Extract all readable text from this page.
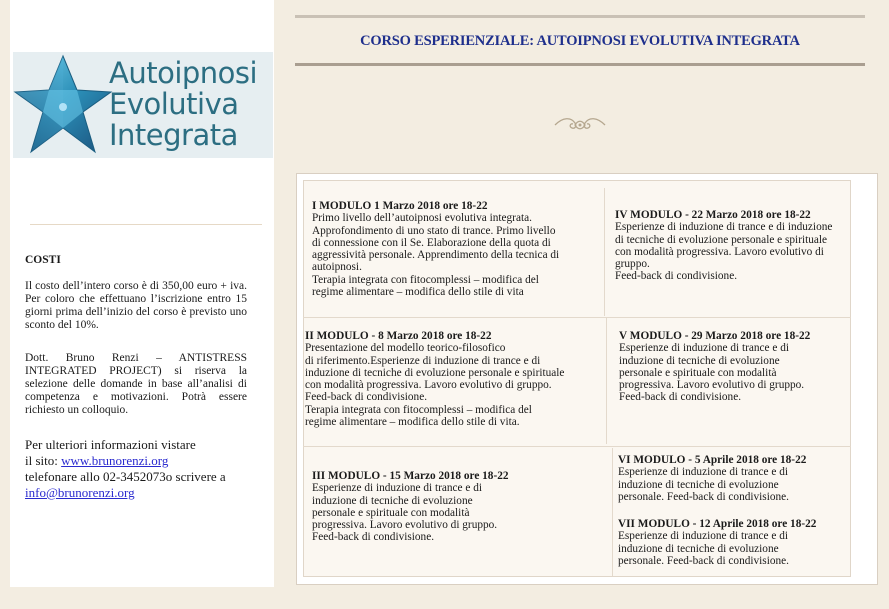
Autoipnosi
Evolutiva
Integrata
COSTI

Il costo dell’intero corso è di 350,00 euro + iva. Per coloro che effettuano l’iscrizione entro 15 giorni prima dell’inizio del corso è previsto uno sconto del 10%.

Dott. Bruno Renzi – ANTISTRESS INTEGRATED PROJECT) si riserva la selezione delle domande in base all’analisi di competenza e motivazioni. Potrà essere richiesto un colloquio.

Per ulteriori informazioni vistare
il sito: www.brunorenzi.org
telefonare allo 02-3452073o scrivere a
info@brunorenzi.org
CORSO ESPERIENZIALE: AUTOIPNOSI EVOLUTIVA INTEGRATA
I MODULO 1 Marzo 2018 ore 18-22

Primo livello dell’autoipnosi evolutiva integrata.

Approfondimento di uno stato di trance. Primo livello

di connessione con il Se. Elaborazione della quota di

aggressività personale. Apprendimento della tecnica di

autoipnosi.

Terapia integrata con fitocomplessi – modifica del

regime alimentare – modifica dello stile di vita

IV MODULO - 22 Marzo 2018 ore 18-22

Esperienze di induzione di trance e di induzione

di tecniche di evoluzione personale e spirituale

con modalità progressiva. Lavoro evolutivo di

gruppo.

Feed-back di condivisione.

II MODULO - 8 Marzo 2018 ore 18-22

Presentazione del modello teorico-filosofico

di riferimento.Esperienze di induzione di trance e di

induzione di tecniche di evoluzione personale e spirituale

con modalità progressiva. Lavoro evolutivo di gruppo.

Feed-back di condivisione.

Terapia integrata con fitocomplessi – modifica del

regime alimentare – modifica dello stile di vita.

V MODULO - 29 Marzo 2018 ore 18-22

Esperienze di induzione di trance e di

induzione di tecniche di evoluzione

personale e spirituale con modalità

progressiva. Lavoro evolutivo di gruppo.

Feed-back di condivisione.

III MODULO - 15 Marzo 2018 ore 18-22

Esperienze di induzione di trance e di

induzione di tecniche di evoluzione

personale e spirituale con modalità

progressiva. Lavoro evolutivo di gruppo.

Feed-back di condivisione.

VI MODULO - 5 Aprile 2018 ore 18-22

Esperienze di induzione di trance e di

induzione di tecniche di evoluzione

personale. Feed-back di condivisione.

VII MODULO - 12 Aprile 2018 ore 18-22

Esperienze di induzione di trance e di

induzione di tecniche di evoluzione

personale. Feed-back di condivisione.
